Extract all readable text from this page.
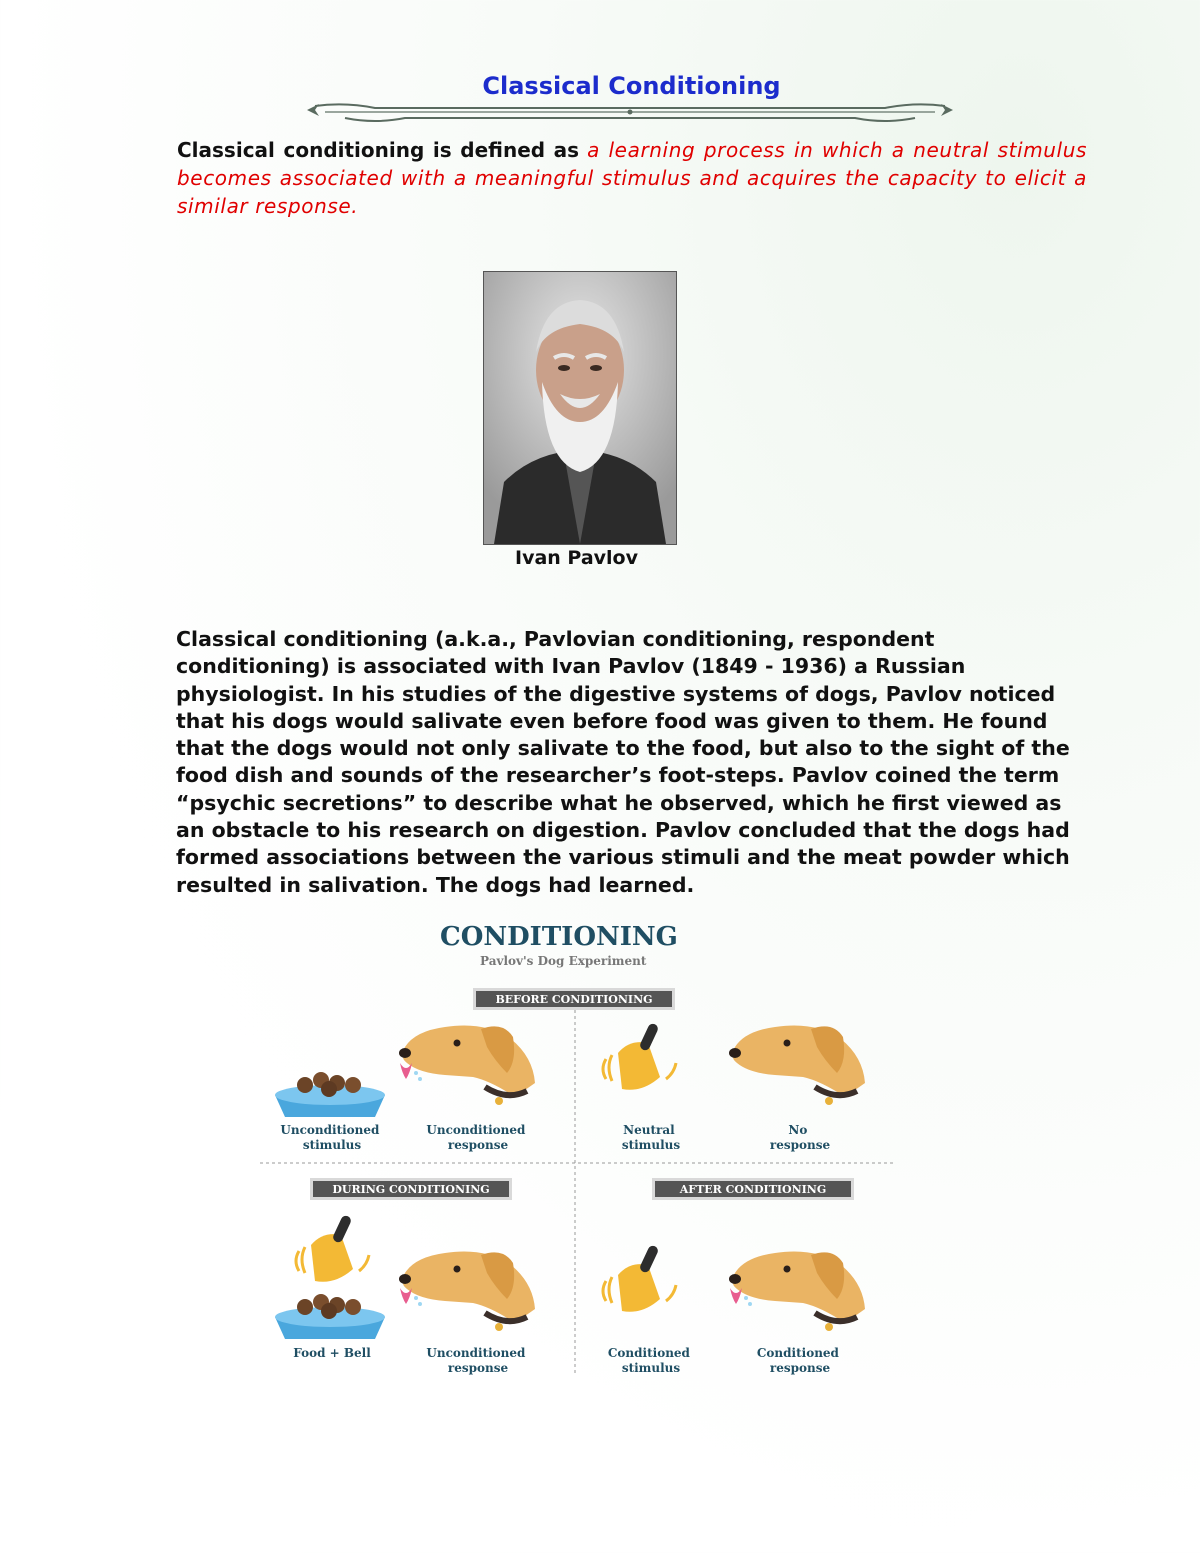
Classical Conditioning
Classical conditioning is defined as a learning process in which a neutral stimulus becomes associated with a meaningful stimulus and acquires the capacity to elicit a similar response.
Ivan Pavlov
Classical conditioning (a.k.a., Pavlovian conditioning, respondent conditioning) is associated with Ivan Pavlov (1849 - 1936) a Russian physiologist. In his studies of the digestive systems of dogs, Pavlov noticed that his dogs would salivate even before food was given to them. He found that the dogs would not only salivate to the food, but also to the sight of the food dish and sounds of the researcher’s foot-steps. Pavlov coined the term “psychic secretions” to describe what he observed, which he first viewed as an obstacle to his research on digestion. Pavlov concluded that the dogs had formed associations between the various stimuli and the meat powder which resulted in salivation. The dogs had learned.
CONDITIONING
Pavlov's Dog Experiment
BEFORE CONDITIONING
DURING CONDITIONING	AFTER CONDITIONING
Unconditioned stimulus
Unconditioned response
Neutral stimulus
No response
Food + Bell	Unconditioned response
Conditioned stimulus
Conditioned response
